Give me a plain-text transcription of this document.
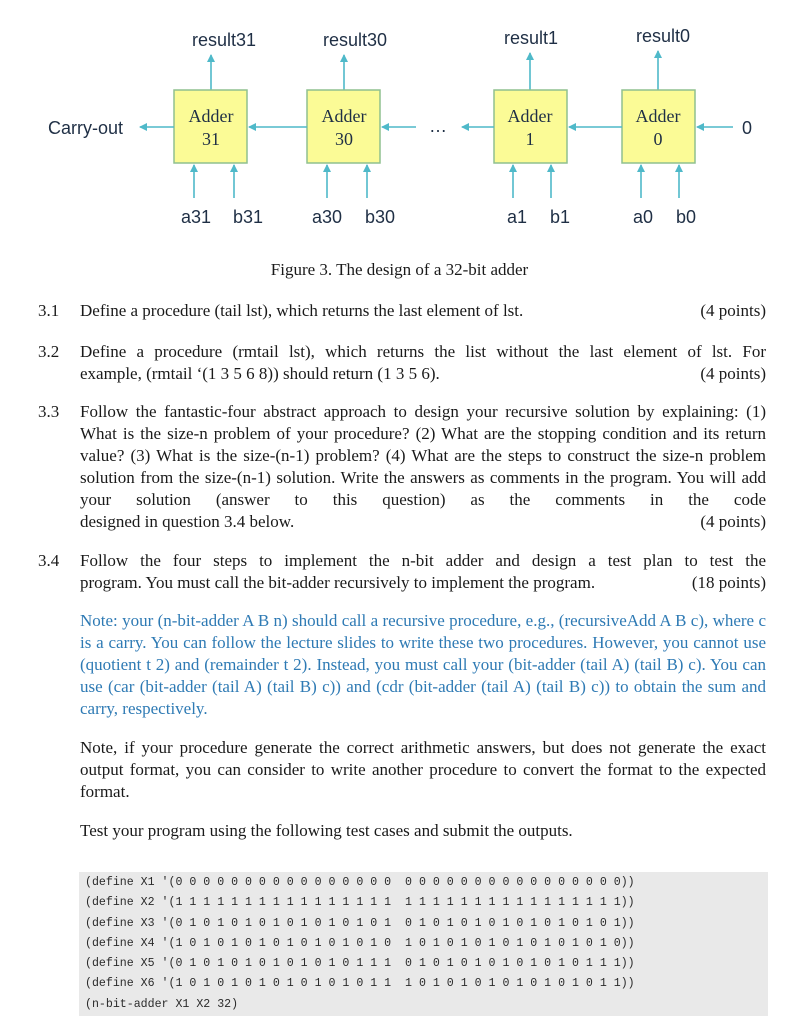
result31	result30	result1	result0
Adder
31
Adder
30
Adder
1
Adder
0
…
Carry-out	0
a31 b31	a30 b30	a1 b1	a0 b0
Figure 3. The design of a 32-bit adder
3.1 Define a procedure (tail lst), which returns the last element of lst.	(4 points)
3.2 Define a procedure (rmtail lst), which returns the list without the last element of lst. For
example, (rmtail ‘(1 3 5 6 8)) should return (1 3 5 6).	(4 points)
3.3 Follow the fantastic-four abstract approach to design your recursive solution by explaining: (1) What is the size-n problem of your procedure? (2) What are the stopping condition and its return value? (3) What is the size-(n-1) problem? (4) What are the steps to construct the size-n problem solution from the size-(n-1) solution. Write the answers as comments in the program. You will add your solution (answer to this question) as the comments in the code
designed in question 3.4 below.	(4 points)
3.4 Follow the four steps to implement the n-bit adder and design a test plan to test the
program. You must call the bit-adder recursively to implement the program.	(18 points)
Note: your (n-bit-adder A B n) should call a recursive procedure, e.g., (recursiveAdd A B c), where c is a carry. You can follow the lecture slides to write these two procedures. However, you cannot use (quotient t 2) and (remainder t 2). Instead, you must call your (bit-adder (tail A) (tail B) c). You can use (car (bit-adder (tail A) (tail B) c)) and (cdr (bit-adder (tail A) (tail B) c)) to obtain the sum and carry, respectively.
Note, if your procedure generate the correct arithmetic answers, but does not generate the exact output format, you can consider to write another procedure to convert the format to the expected format.
Test your program using the following test cases and submit the outputs.
(define X1 '(0 0 0 0 0 0 0 0 0 0 0 0 0 0 0 0  0 0 0 0 0 0 0 0 0 0 0 0 0 0 0 0))
(define X2 '(1 1 1 1 1 1 1 1 1 1 1 1 1 1 1 1  1 1 1 1 1 1 1 1 1 1 1 1 1 1 1 1))
(define X3 '(0 1 0 1 0 1 0 1 0 1 0 1 0 1 0 1  0 1 0 1 0 1 0 1 0 1 0 1 0 1 0 1))
(define X4 '(1 0 1 0 1 0 1 0 1 0 1 0 1 0 1 0  1 0 1 0 1 0 1 0 1 0 1 0 1 0 1 0))
(define X5 '(0 1 0 1 0 1 0 1 0 1 0 1 0 1 1 1  0 1 0 1 0 1 0 1 0 1 0 1 0 1 1 1))
(define X6 '(1 0 1 0 1 0 1 0 1 0 1 0 1 0 1 1  1 0 1 0 1 0 1 0 1 0 1 0 1 0 1 1))
(n-bit-adder X1 X2 32)
